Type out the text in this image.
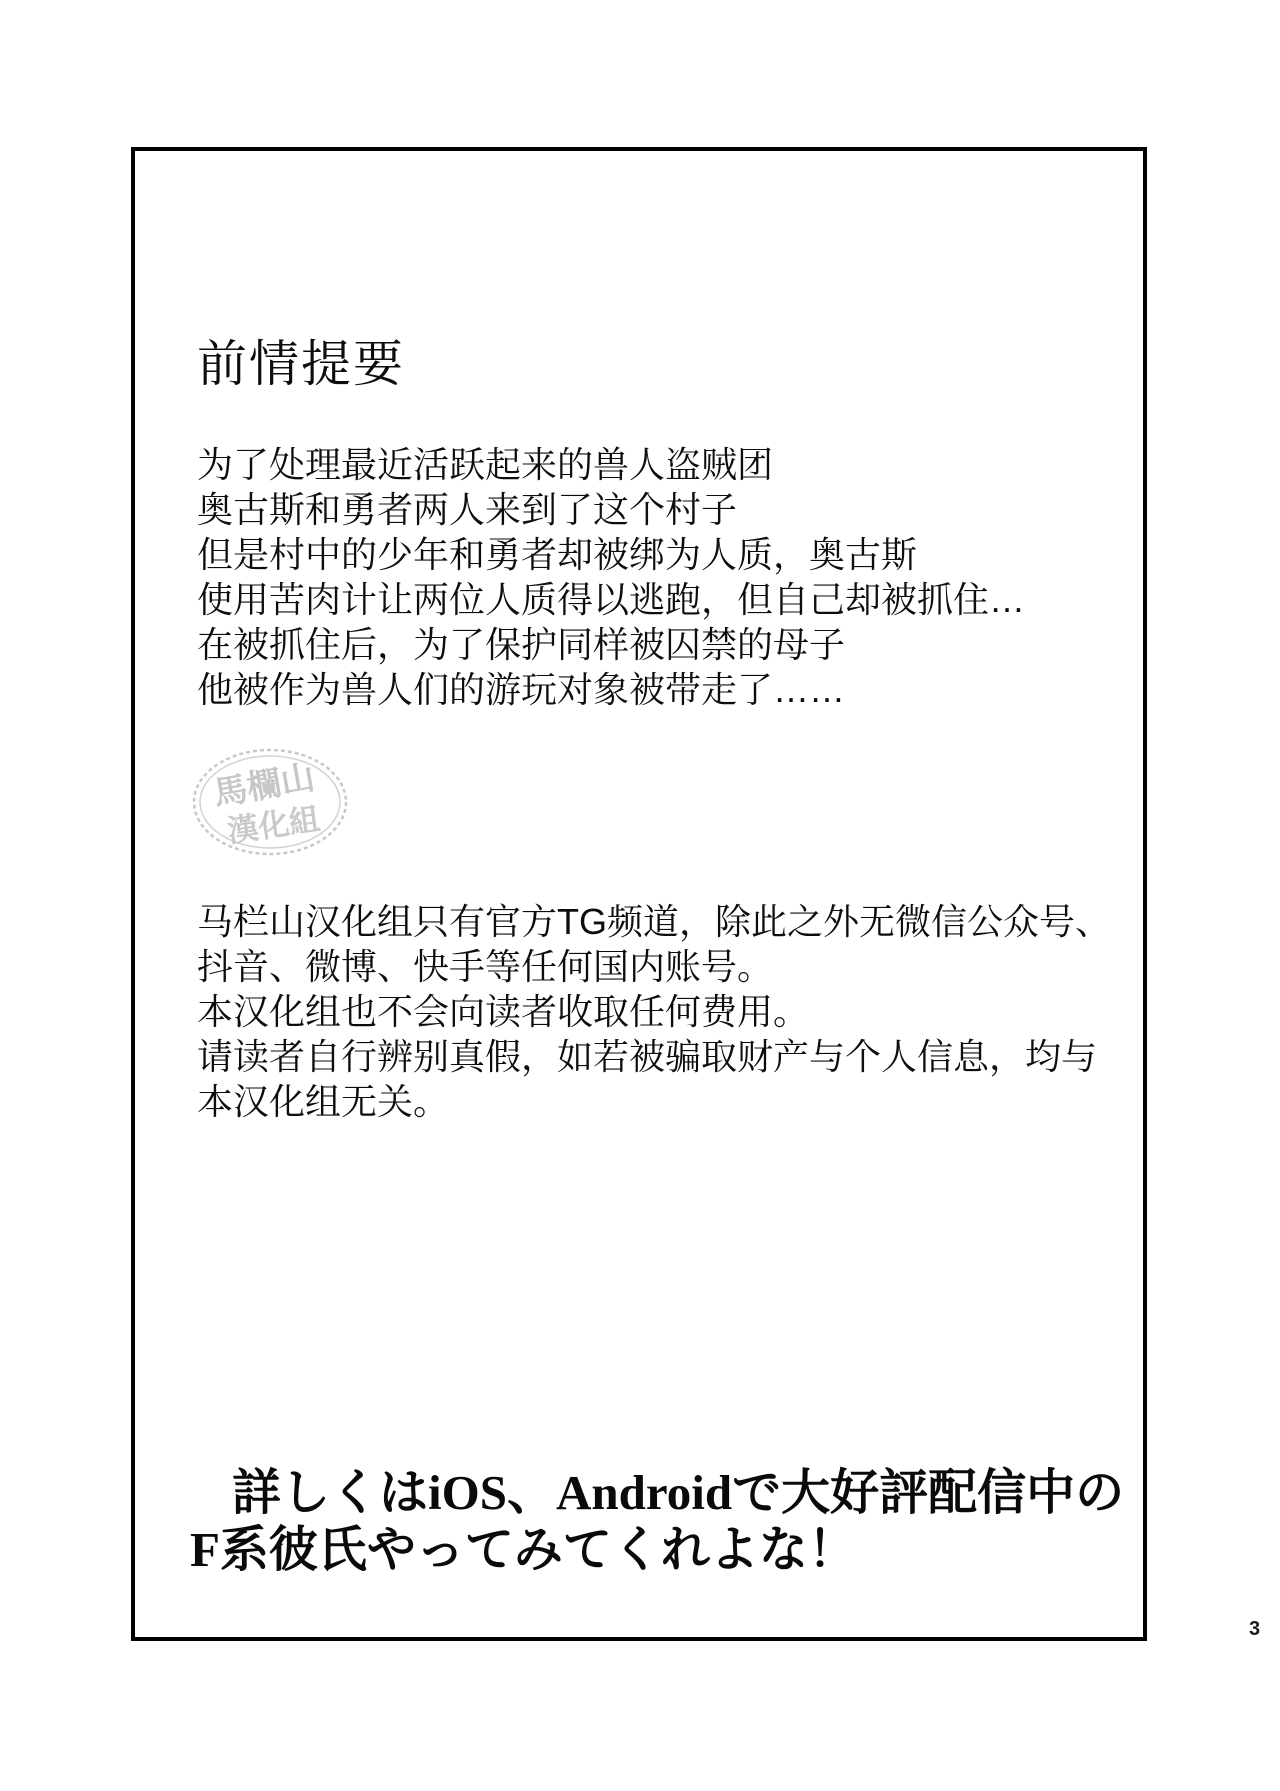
前情提要
为了处理最近活跃起来的兽人盗贼团
奥古斯和勇者两人来到了这个村子
但是村中的少年和勇者却被绑为人质，奥古斯
使用苦肉计让两位人质得以逃跑，但自己却被抓住…
在被抓住后，为了保护同样被囚禁的母子
他被作为兽人们的游玩对象被带走了……
馬欄山
漢化組
马栏山汉化组只有官方TG频道，除此之外无微信公众号、
抖音、微博、快手等任何国内账号。
本汉化组也不会向读者收取任何费用。
请读者自行辨别真假，如若被骗取财产与个人信息，均与
本汉化组无关。
詳しくはiOS、Androidで大好評配信中の
F系彼氏やってみてくれよな！
3
